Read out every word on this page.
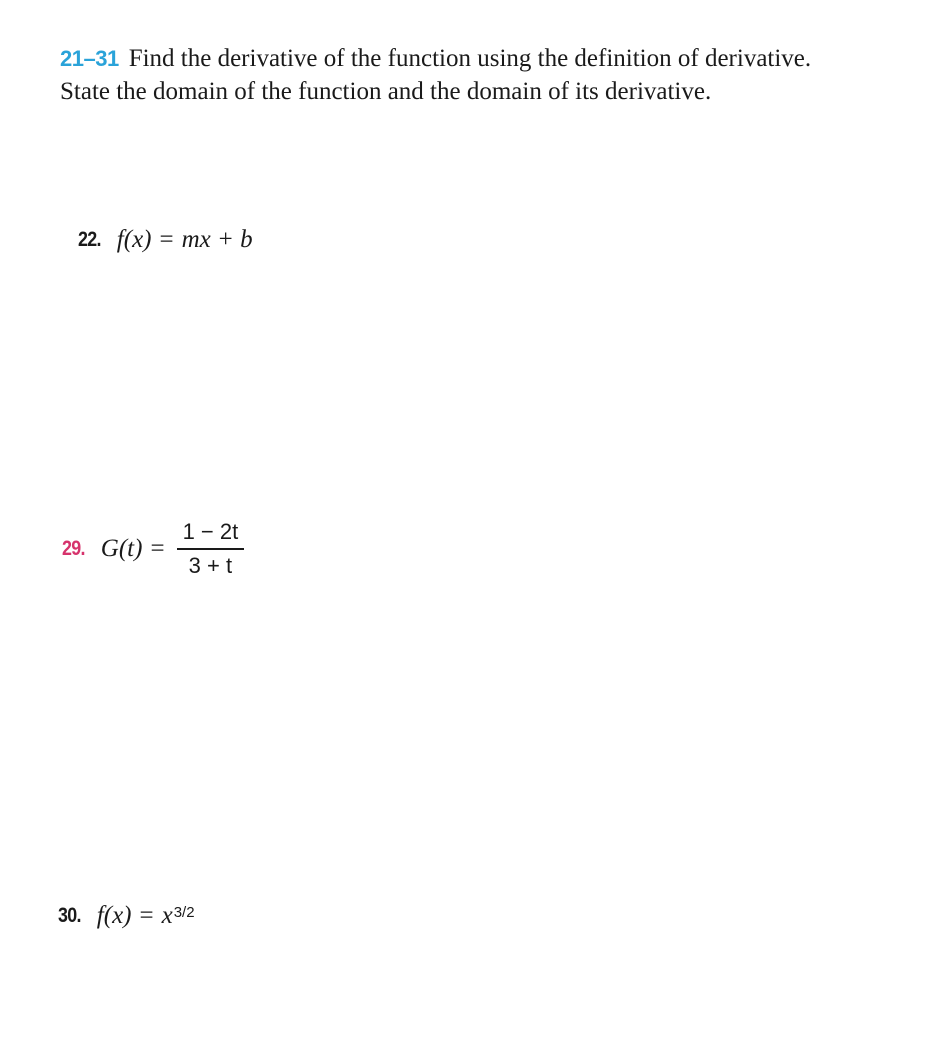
21–31 Find the derivative of the function using the definition of derivative. State the domain of the function and the domain of its derivative.
22. f(x) = mx + b
29. $G(t) = \frac{1 - 2t}{3 + t}$
30. $f(x) = x^{3/2}$
